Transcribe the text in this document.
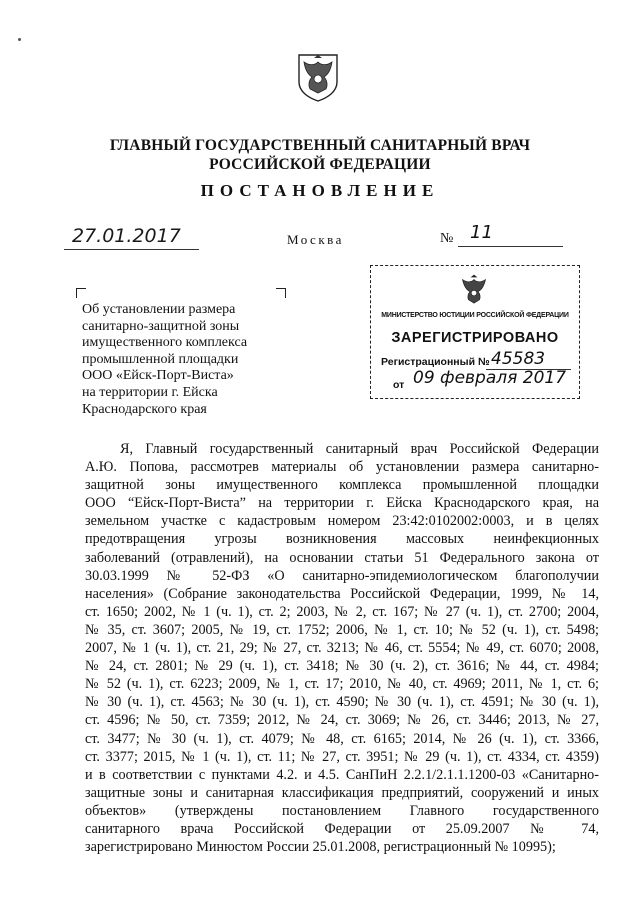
ГЛАВНЫЙ ГОСУДАРСТВЕННЫЙ САНИТАРНЫЙ ВРАЧ
РОССИЙСКОЙ ФЕДЕРАЦИИ
ПОСТАНОВЛЕНИЕ
27.01.2017	Москва	№ 11
Об установлении размера
санитарно-защитной зоны
имущественного комплекса
промышленной площадки
ООО «Ейск-Порт-Виста»
на территории г. Ейска
Краснодарского края
МИНИСТЕРСТВО ЮСТИЦИИ РОССИЙСКОЙ ФЕДЕРАЦИИ
ЗАРЕГИСТРИРОВАНО
Регистрационный № 45583
от 09 февраля 2017
Я, Главный государственный санитарный врач Российской Федерации
А.Ю. Попова, рассмотрев материалы об установлении размера санитарно-
защитной зоны имущественного комплекса промышленной площадки
ООО “Ейск-Порт-Виста” на территории г. Ейска Краснодарского края, на
земельном участке с кадастровым номером 23:42:0102002:0003, и в целях
предотвращения угрозы возникновения массовых неинфекционных
заболеваний (отравлений), на основании статьи 51 Федерального закона от
30.03.1999 № 52-ФЗ «О санитарно-эпидемиологическом благополучии
населения» (Собрание законодательства Российской Федерации, 1999, № 14,
ст. 1650; 2002, № 1 (ч. 1), ст. 2; 2003, № 2, ст. 167; № 27 (ч. 1), ст. 2700; 2004,
№ 35, ст. 3607; 2005, № 19, ст. 1752; 2006, № 1, ст. 10; № 52 (ч. 1), ст. 5498;
2007, № 1 (ч. 1), ст. 21, 29; № 27, ст. 3213; № 46, ст. 5554; № 49, ст. 6070; 2008,
№ 24, ст. 2801; № 29 (ч. 1), ст. 3418; № 30 (ч. 2), ст. 3616; № 44, ст. 4984;
№ 52 (ч. 1), ст. 6223; 2009, № 1, ст. 17; 2010, № 40, ст. 4969; 2011, № 1, ст. 6;
№ 30 (ч. 1), ст. 4563; № 30 (ч. 1), ст. 4590; № 30 (ч. 1), ст. 4591; № 30 (ч. 1),
ст. 4596; № 50, ст. 7359; 2012, № 24, ст. 3069; № 26, ст. 3446; 2013, № 27,
ст. 3477; № 30 (ч. 1), ст. 4079; № 48, ст. 6165; 2014, № 26 (ч. 1), ст. 3366,
ст. 3377; 2015, № 1 (ч. 1), ст. 11; № 27, ст. 3951; № 29 (ч. 1), ст. 4334, ст. 4359)
и в соответствии с пунктами 4.2. и 4.5. СанПиН 2.2.1/2.1.1.1200-03 «Санитарно-
защитные зоны и санитарная классификация предприятий, сооружений и иных
объектов» (утверждены постановлением Главного государственного
санитарного врача Российской Федерации от 25.09.2007 № 74,
зарегистрировано Минюстом России 25.01.2008, регистрационный № 10995);
